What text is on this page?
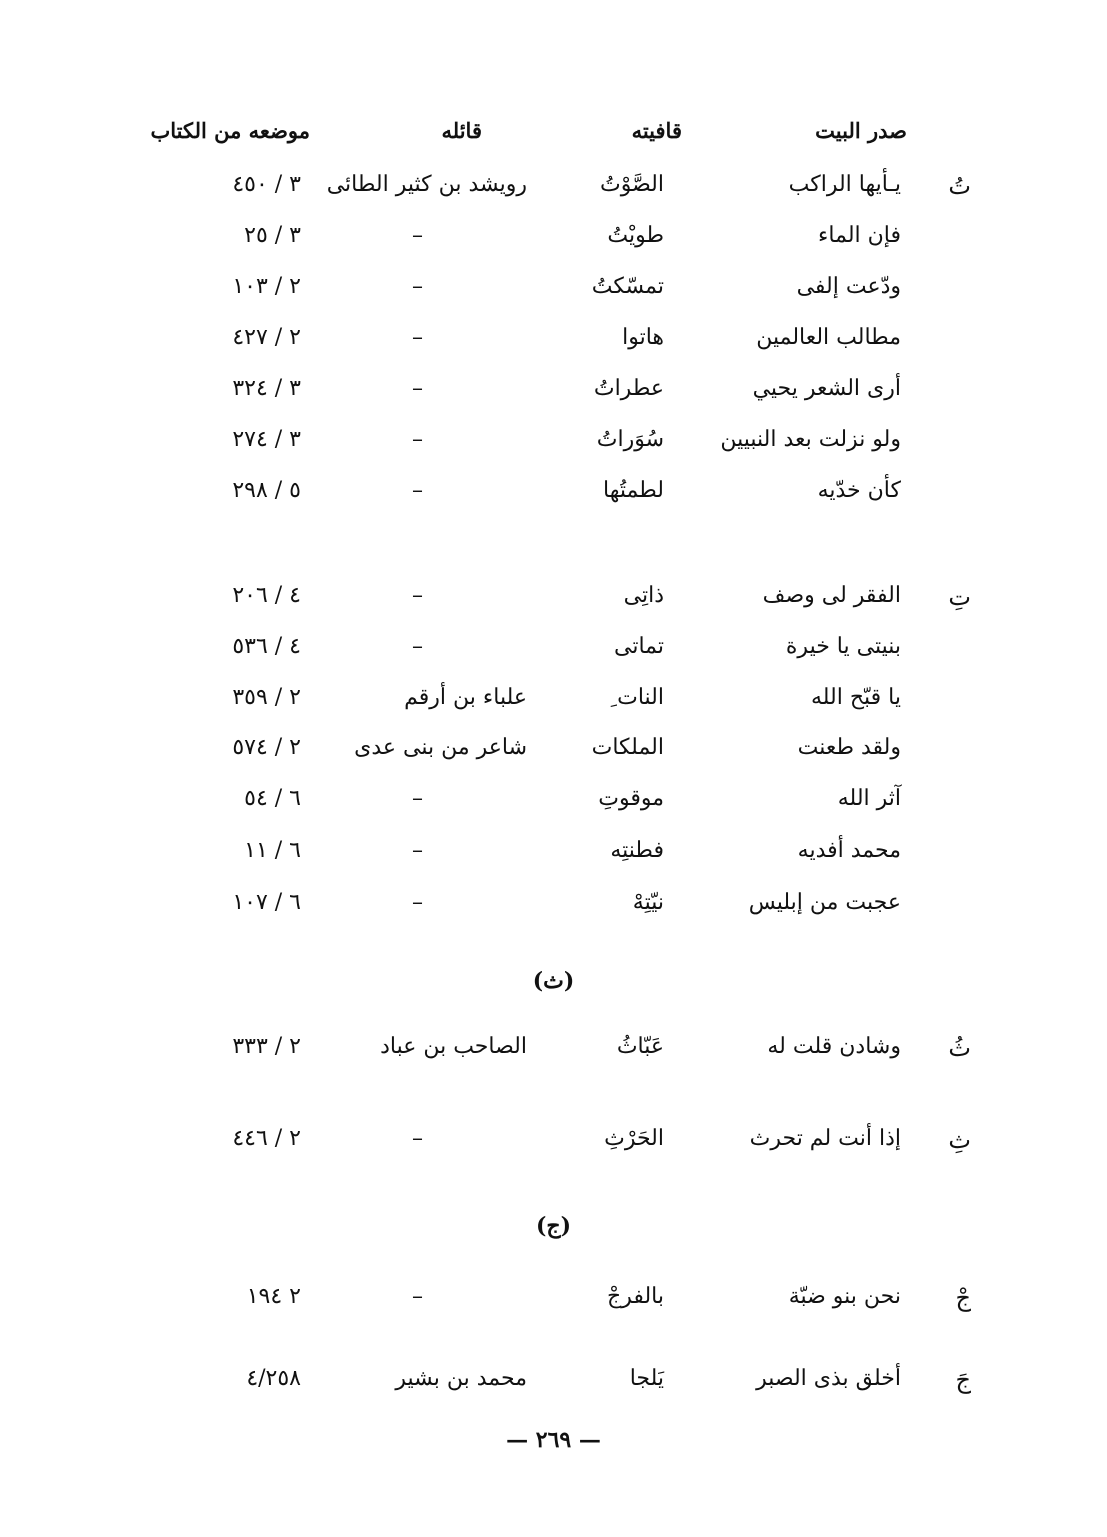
صدر البيت
قافيته
قائله
موضعه من الكتاب
تُ
يـأيها الراكب
الصَّوْتُ
رويشد بن كثير الطائى
٣ / ٤٥٠
فإن الماء
طويْتُ
–
٣ / ٢٥
ودّعت إلفى
تمسّكتُ
–
٢ / ١٠٣
مطالب العالمين
هاتوا
–
٢ / ٤٢٧
أرى الشعر يحيي
عطراتُ
–
٣ / ٣٢٤
ولو نزلت بعد النبيين
سُوَراتُ
–
٣ / ٢٧٤
كأن خدّيه
لطمتُها
–
٥ / ٢٩٨
تِ
الفقر لى وصف
ذاتِى
–
٤ / ٢٠٦
بنيتى يا خيرة
تماتى
–
٤ / ٥٣٦
يا قبّح الله
النات ِ
علباء بن أرقم
٢ / ٣٥٩
ولقد طعنت
الملكات
شاعر من بنى عدى
٢ / ٥٧٤
آثر الله
موقوتِ
–
٦ / ٥٤
محمد أفديه
فطنتِه
–
٦ / ١١
عجبت من إبليس
نيّتِهْ
–
٦ / ١٠٧
(ث)
ثُ
وشادن قلت له
عَبّاثُ
الصاحب بن عباد
٢ / ٣٣٣
ثِ
إذا أنت لم تحرث
الحَرْثِ
–
٢ / ٤٤٦
(ج)
جْ
نحن بنو ضبّة
بالفرجْ
–
٢ ١٩٤
جَ
أخلق بذى الصبر
يَلجا
محمد بن بشير
٤/٢٥٨
— ٢٦٩ —
